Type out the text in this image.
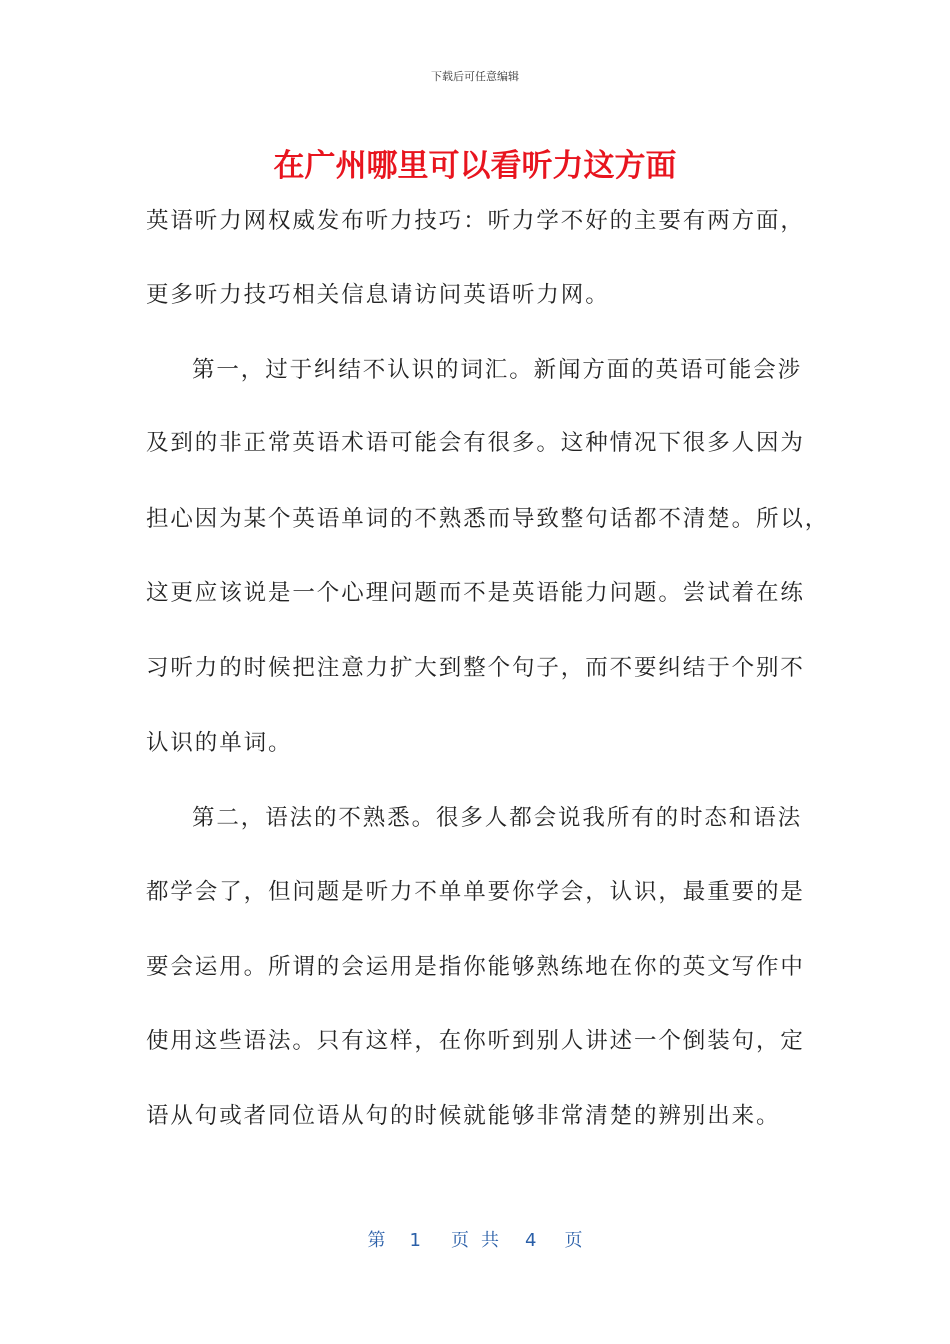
下载后可任意编辑
在广州哪里可以看听力这方面
英语听力网权威发布听力技巧：听力学不好的主要有两方面，
更多听力技巧相关信息请访问英语听力网。
第一，过于纠结不认识的词汇。新闻方面的英语可能会涉
及到的非正常英语术语可能会有很多。这种情况下很多人因为
担心因为某个英语单词的不熟悉而导致整句话都不清楚。所以，
这更应该说是一个心理问题而不是英语能力问题。尝试着在练
习听力的时候把注意力扩大到整个句子，而不要纠结于个别不
认识的单词。
第二，语法的不熟悉。很多人都会说我所有的时态和语法
都学会了，但问题是听力不单单要你学会，认识，最重要的是
要会运用。所谓的会运用是指你能够熟练地在你的英文写作中
使用这些语法。只有这样，在你听到别人讲述一个倒装句，定
语从句或者同位语从句的时候就能够非常清楚的辨别出来。
第 1 页共 4 页
